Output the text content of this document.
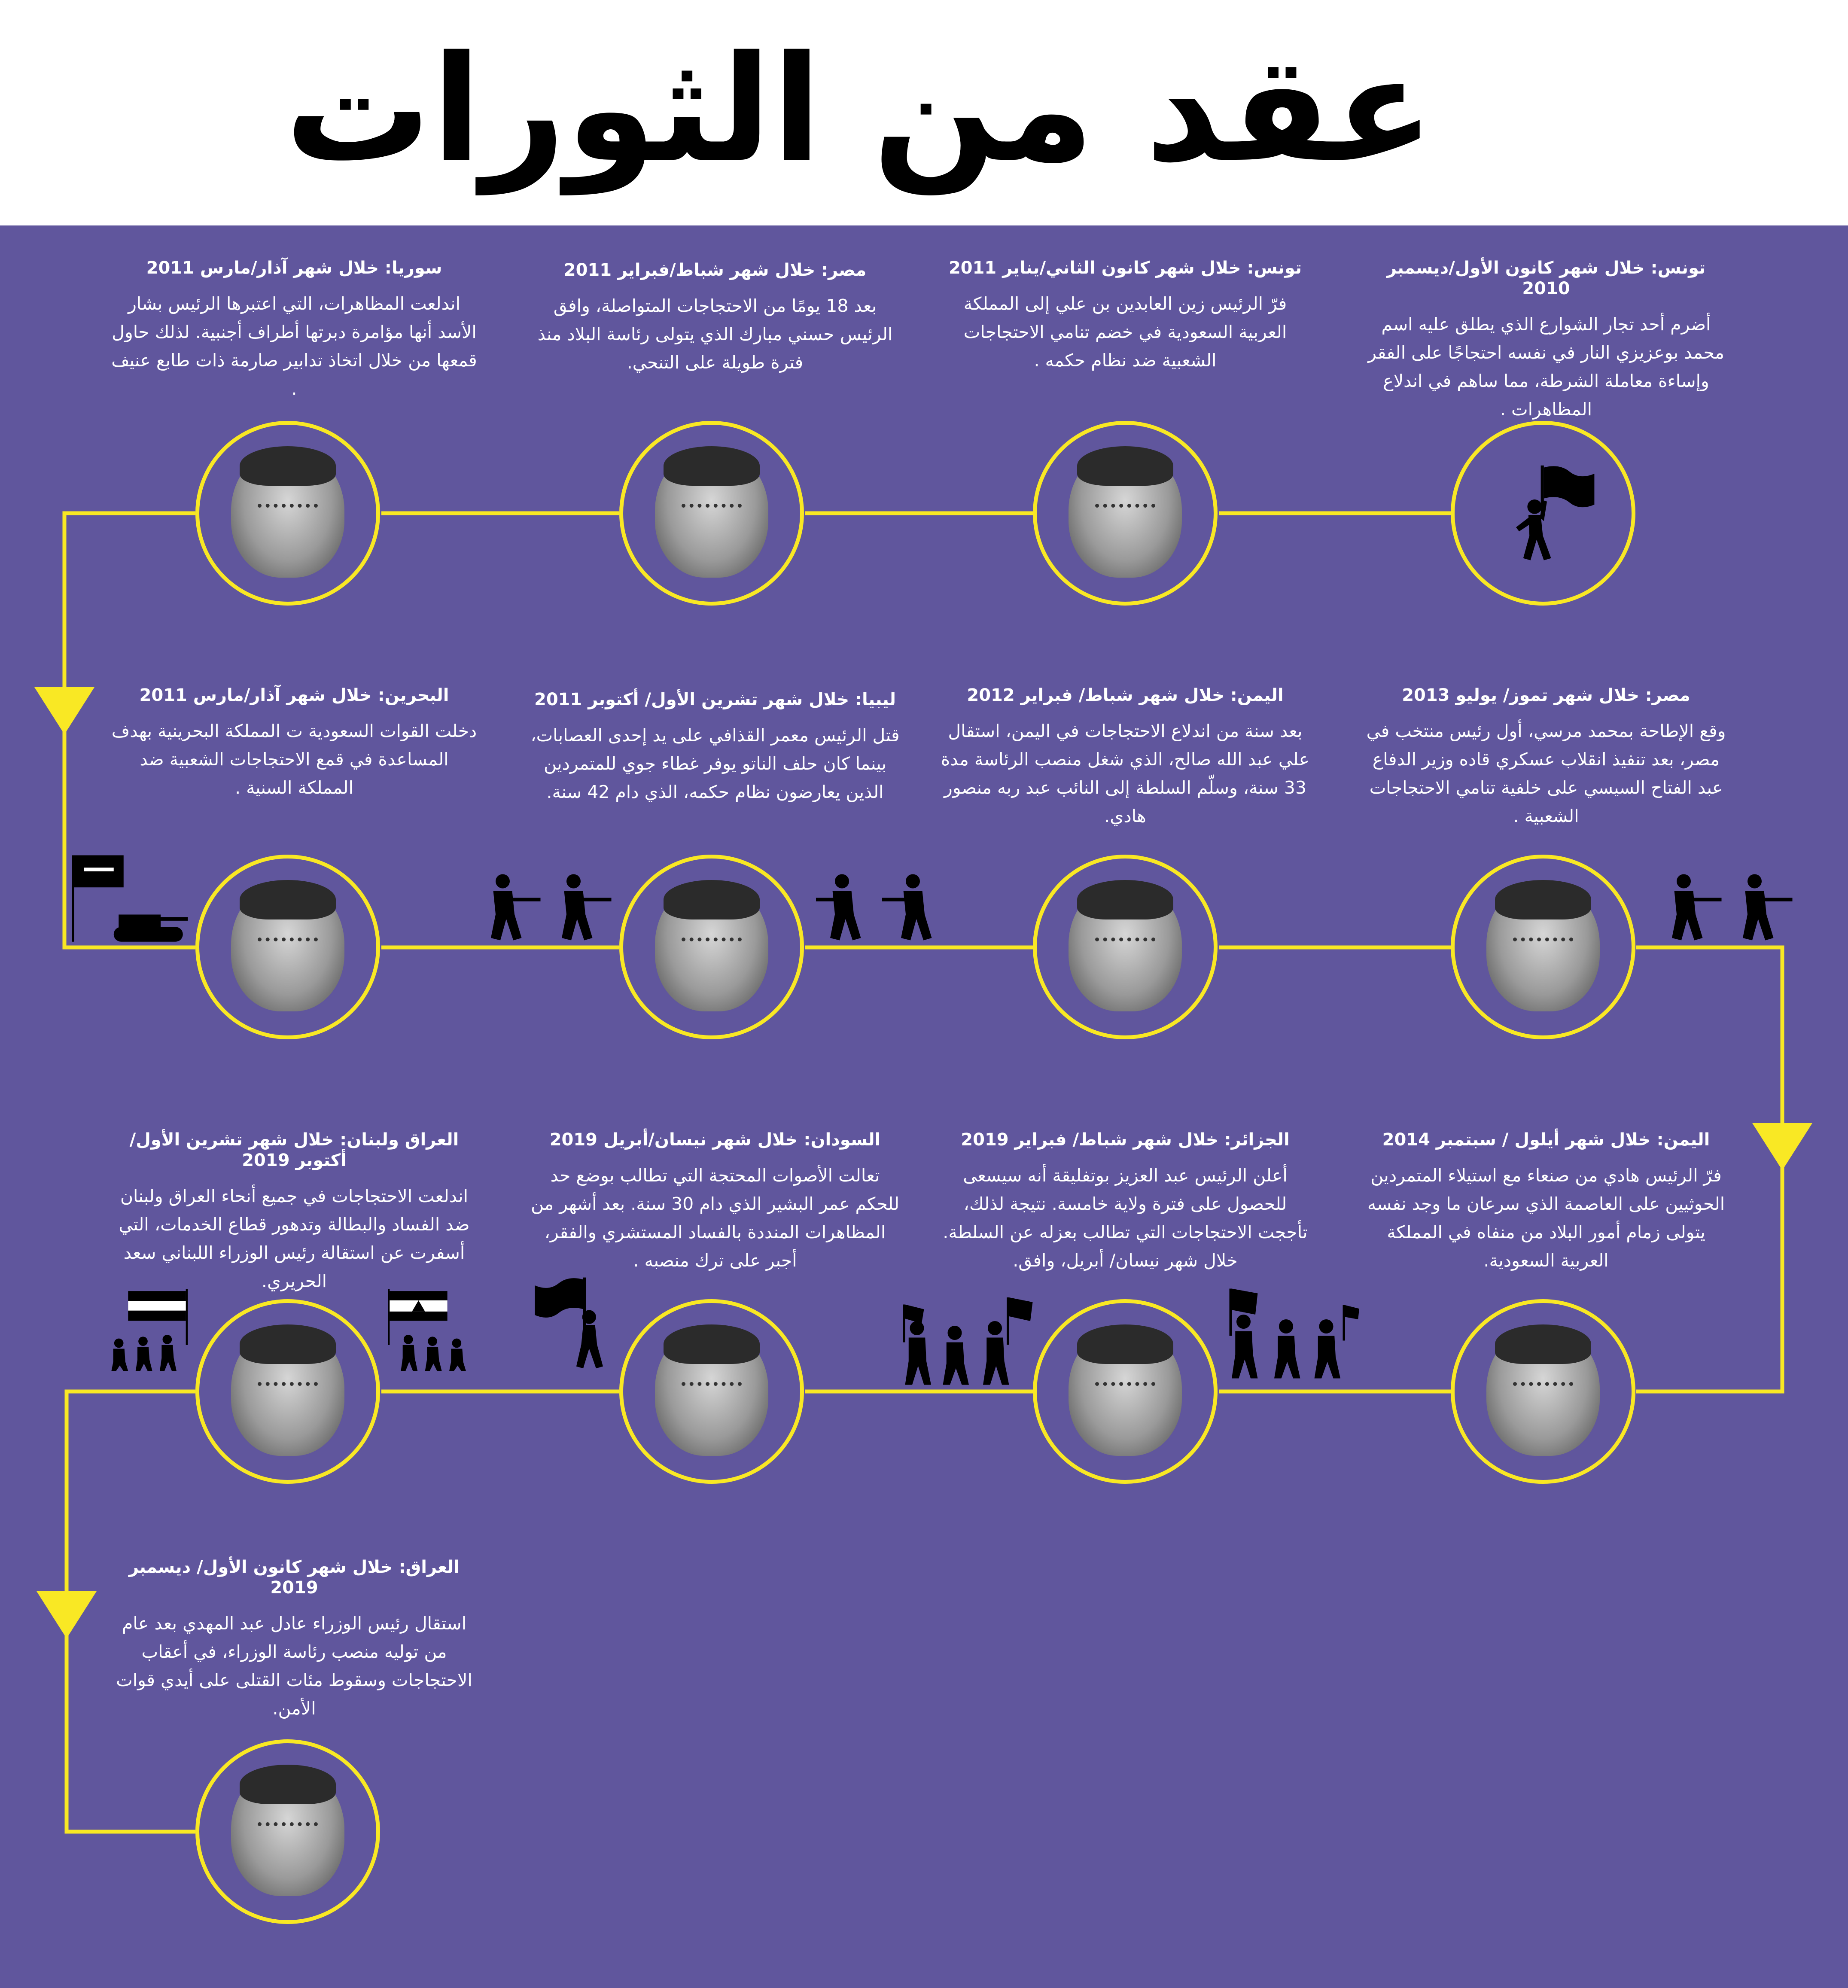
عقد من الثورات
تونس: خلال شهر كانون الأول/ديسمبر 2010

أضرم أحد تجار الشوارع الذي يطلق عليه اسم محمد بوعزيزي النار في نفسه احتجاجًا على الفقر وإساءة معاملة الشرطة، مما ساهم في اندلاع المظاهرات .

تونس: خلال شهر كانون الثاني/يناير 2011

فرّ الرئيس زين العابدين بن علي إلى المملكة العربية السعودية في خضم تنامي الاحتجاجات الشعبية ضد نظام حكمه .

مصر: خلال شهر شباط/فبراير 2011

بعد 18 يومًا من الاحتجاجات المتواصلة، وافق الرئيس حسني مبارك الذي يتولى رئاسة البلاد منذ فترة طويلة على التنحي.

سوريا: خلال شهر آذار/مارس 2011

اندلعت المظاهرات، التي اعتبرها الرئيس بشار الأسد أنها مؤامرة دبرتها أطراف أجنبية. لذلك حاول قمعها من خلال اتخاذ تدابير صارمة ذات طابع عنيف .

مصر: خلال شهر تموز/ يوليو 2013

وقع الإطاحة بمحمد مرسي، أول رئيس منتخب في مصر، بعد تنفيذ انقلاب عسكري قاده وزير الدفاع عبد الفتاح السيسي على خلفية تنامي الاحتجاجات الشعبية .

اليمن: خلال شهر شباط/ فبراير 2012

بعد سنة من اندلاع الاحتجاجات في اليمن، استقال علي عبد الله صالح، الذي شغل منصب الرئاسة مدة 33 سنة، وسلّم السلطة إلى النائب عبد ربه منصور هادي.

ليبيا: خلال شهر تشرين الأول/ أكتوبر 2011

قتل الرئيس معمر القذافي على يد إحدى العصابات، بينما كان حلف الناتو يوفر غطاء جوي للمتمردين الذين يعارضون نظام حكمه، الذي دام 42 سنة.

البحرين: خلال شهر آذار/مارس 2011

دخلت القوات السعودية ت المملكة البحرينية بهدف المساعدة في قمع الاحتجاجات الشعبية ضد المملكة السنية .

اليمن: خلال شهر أيلول / سبتمبر 2014

فرّ الرئيس هادي من صنعاء مع استيلاء المتمردين الحوثيين على العاصمة الذي سرعان ما وجد نفسه يتولى زمام أمور البلاد من منفاه في المملكة العربية السعودية.

الجزائر: خلال شهر شباط/ فبراير 2019

أعلن الرئيس عبد العزيز بوتفليقة أنه سيسعى للحصول على فترة ولاية خامسة. نتيجة لذلك، تأججت الاحتجاجات التي تطالب بعزله عن السلطة. خلال شهر نيسان/ أبريل، وافق.

السودان: خلال شهر نيسان/أبريل 2019

تعالت الأصوات المحتجة التي تطالب بوضع حد للحكم عمر البشير الذي دام 30 سنة. بعد أشهر من المظاهرات المنددة بالفساد المستشري والفقر، أجبر على ترك منصبه .

العراق ولبنان: خلال شهر تشرين الأول/أكتوبر 2019

اندلعت الاحتجاجات في جميع أنحاء العراق ولبنان ضد الفساد والبطالة وتدهور قطاع الخدمات، التي أسفرت عن استقالة رئيس الوزراء اللبناني سعد الحريري.

العراق: خلال شهر كانون الأول/ ديسمبر 2019

استقال رئيس الوزراء عادل عبد المهدي بعد عام من توليه منصب رئاسة الوزراء، في أعقاب الاحتجاجات وسقوط مئات القتلى على أيدي قوات الأمن.
